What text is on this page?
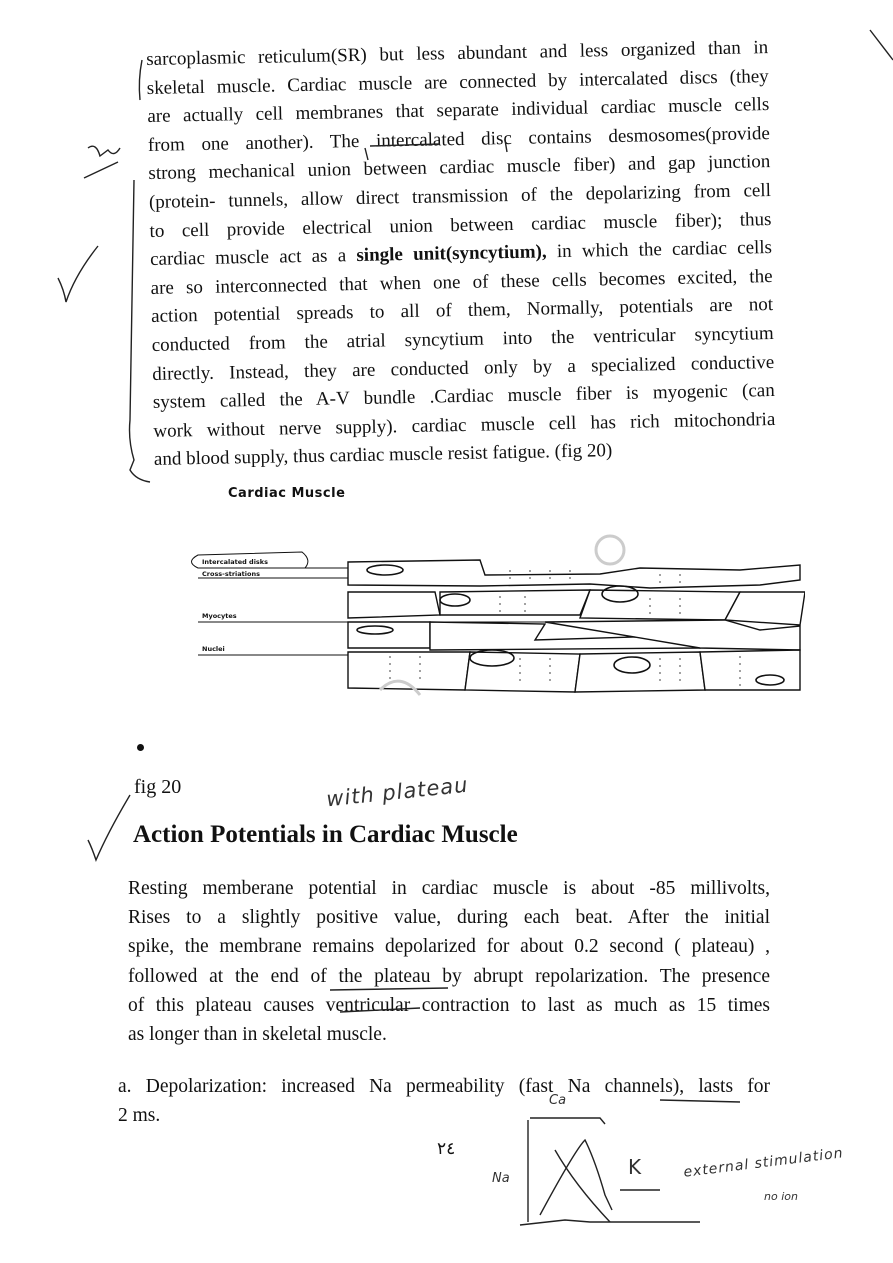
sarcoplasmic reticulum(SR) but less abundant and less organized than in
skeletal muscle. Cardiac muscle are connected by intercalated discs (they
are actually cell membranes that separate individual cardiac muscle cells
from one another). The intercalated disc contains desmosomes(provide
strong mechanical union between cardiac muscle fiber) and gap junction
(protein- tunnels, allow direct transmission of the depolarizing from cell
to cell provide electrical union between cardiac muscle fiber); thus
cardiac muscle act as a single unit(syncytium), in which the cardiac cells
are so interconnected that when one of these cells becomes excited, the
action potential spreads to all of them, Normally, potentials are not
conducted from the atrial syncytium into the ventricular syncytium
directly. Instead, they are conducted only by a specialized conductive
system called the A-V bundle .Cardiac muscle fiber is myogenic (can
work without nerve supply). cardiac muscle cell has rich mitochondria
and blood supply, thus cardiac muscle resist fatigue. (fig 20)
Cardiac Muscle
Intercalated disks
Cross-striations
Myocytes
Nuclei
fig 20
Action Potentials in Cardiac Muscle
Resting memberane potential in cardiac muscle is about -85 millivolts,
Rises to a slightly positive value, during each beat. After the initial
spike, the membrane remains depolarized for about 0.2 second ( plateau) ,
followed at the end of the plateau by abrupt repolarization. The presence
of this plateau causes ventricular contraction to last as much as 15 times
as longer than in skeletal muscle.
a. Depolarization: increased Na permeability (fast Na channels), lasts for
2 ms.
٢٤
with plateau
Ca
Na	K	external stimulation
no ion
